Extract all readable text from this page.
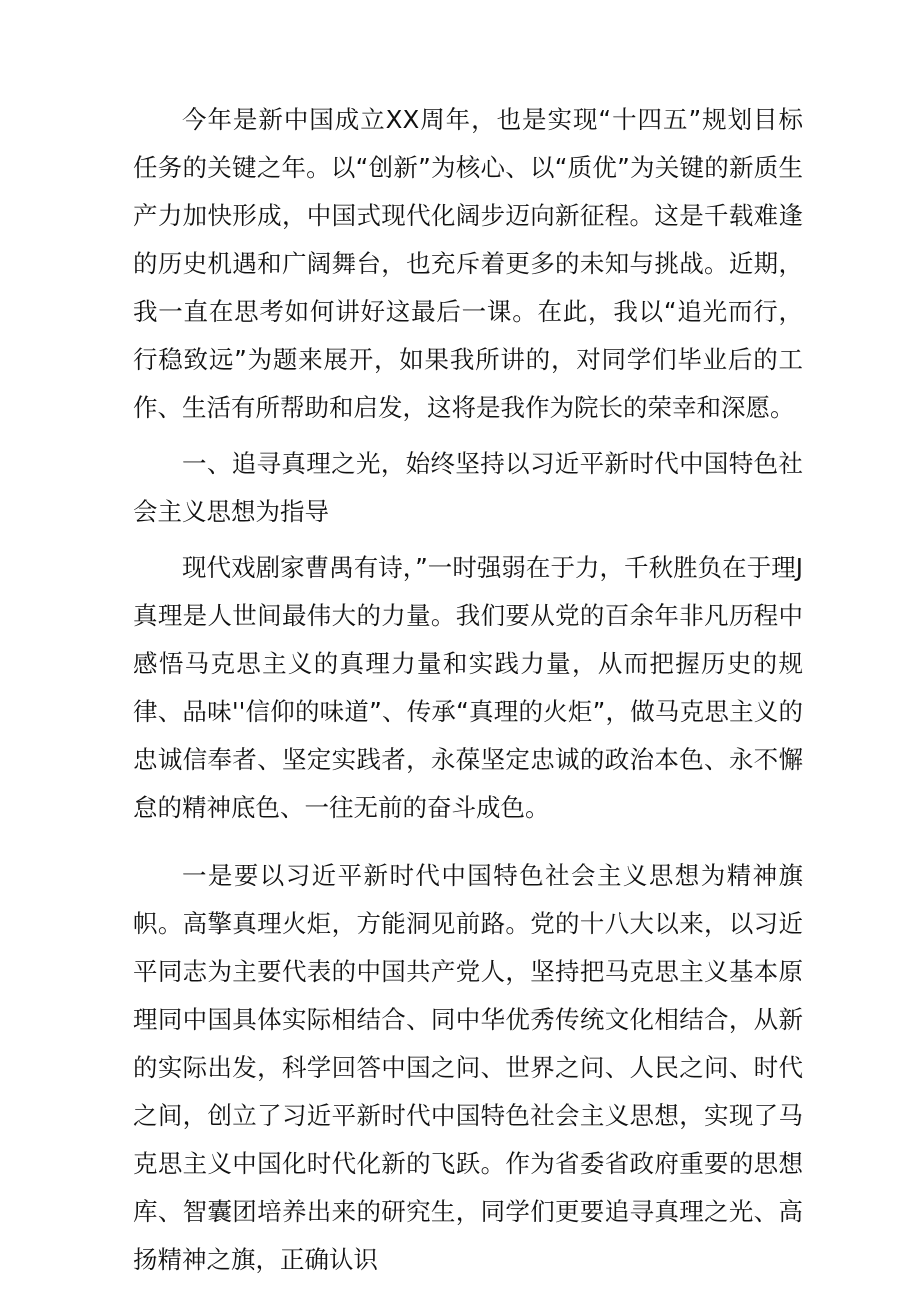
今年是新中国成立XX周年，也是实现“十四五”规划目标任务的关键之年。以“创新”为核心、以“质优”为关键的新质生产力加快形成，中国式现代化阔步迈向新征程。这是千载难逢的历史机遇和广阔舞台，也充斥着更多的未知与挑战。近期，我一直在思考如何讲好这最后一课。在此，我以“追光而行，行稳致远”为题来展开，如果我所讲的，对同学们毕业后的工作、生活有所帮助和启发，这将是我作为院长的荣幸和深愿。

一、追寻真理之光，始终坚持以习近平新时代中国特色社会主义思想为指导

现代戏剧家曹禺有诗，”一时强弱在于力，千秋胜负在于理J真理是人世间最伟大的力量。我们要从党的百余年非凡历程中感悟马克思主义的真理力量和实践力量，从而把握历史的规律、品味''信仰的味道”、传承“真理的火炬”，做马克思主义的忠诚信奉者、坚定实践者，永葆坚定忠诚的政治本色、永不懈怠的精神底色、一往无前的奋斗成色。

一是要以习近平新时代中国特色社会主义思想为精神旗帜。高擎真理火炬，方能洞见前路。党的十八大以来，以习近平同志为主要代表的中国共产党人，坚持把马克思主义基本原理同中国具体实际相结合、同中华优秀传统文化相结合，从新的实际出发，科学回答中国之问、世界之问、人民之问、时代之间，创立了习近平新时代中国特色社会主义思想，实现了马克思主义中国化时代化新的飞跃。作为省委省政府重要的思想库、智囊团培养出来的研究生，同学们更要追寻真理之光、高扬精神之旗，正确认识
